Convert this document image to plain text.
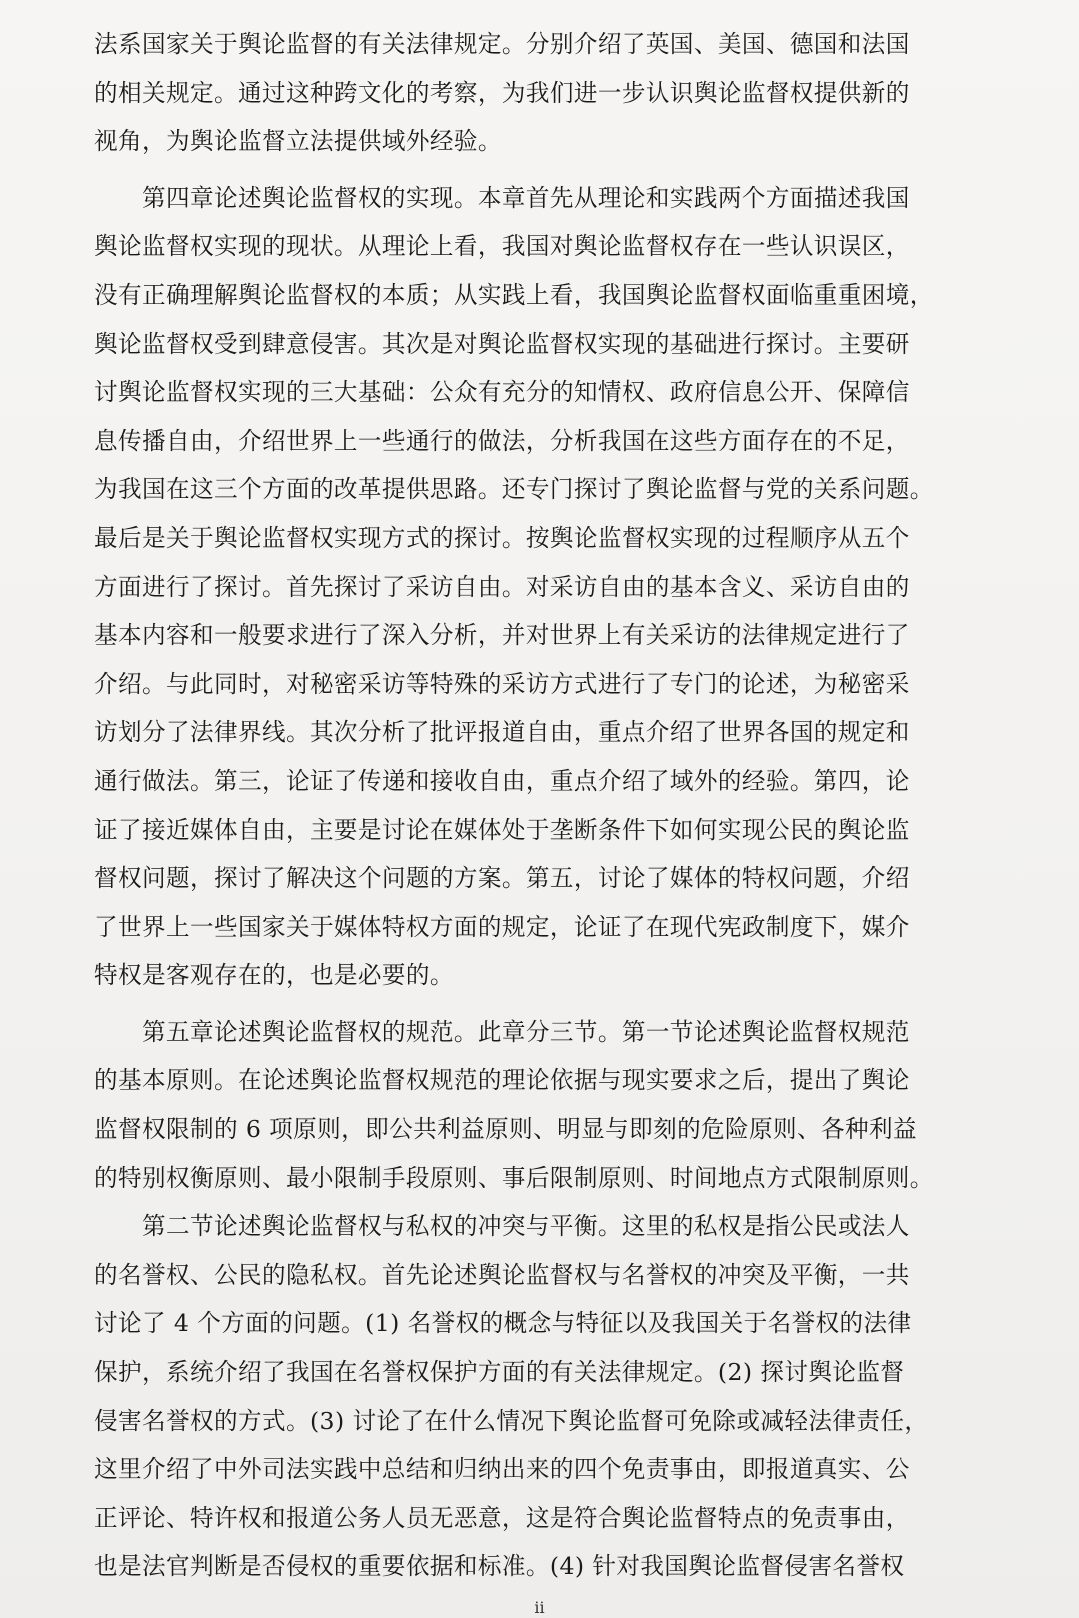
法系国家关于舆论监督的有关法律规定。分别介绍了英国、美国、德国和法国
的相关规定。通过这种跨文化的考察，为我们进一步认识舆论监督权提供新的
视角，为舆论监督立法提供域外经验。
第四章论述舆论监督权的实现。本章首先从理论和实践两个方面描述我国
舆论监督权实现的现状。从理论上看，我国对舆论监督权存在一些认识误区，
没有正确理解舆论监督权的本质；从实践上看，我国舆论监督权面临重重困境，
舆论监督权受到肆意侵害。其次是对舆论监督权实现的基础进行探讨。主要研
讨舆论监督权实现的三大基础：公众有充分的知情权、政府信息公开、保障信
息传播自由，介绍世界上一些通行的做法，分析我国在这些方面存在的不足，
为我国在这三个方面的改革提供思路。还专门探讨了舆论监督与党的关系问题。
最后是关于舆论监督权实现方式的探讨。按舆论监督权实现的过程顺序从五个
方面进行了探讨。首先探讨了采访自由。对采访自由的基本含义、采访自由的
基本内容和一般要求进行了深入分析，并对世界上有关采访的法律规定进行了
介绍。与此同时，对秘密采访等特殊的采访方式进行了专门的论述，为秘密采
访划分了法律界线。其次分析了批评报道自由，重点介绍了世界各国的规定和
通行做法。第三，论证了传递和接收自由，重点介绍了域外的经验。第四，论
证了接近媒体自由，主要是讨论在媒体处于垄断条件下如何实现公民的舆论监
督权问题，探讨了解决这个问题的方案。第五，讨论了媒体的特权问题，介绍
了世界上一些国家关于媒体特权方面的规定，论证了在现代宪政制度下，媒介
特权是客观存在的，也是必要的。
第五章论述舆论监督权的规范。此章分三节。第一节论述舆论监督权规范
的基本原则。在论述舆论监督权规范的理论依据与现实要求之后，提出了舆论
监督权限制的 6 项原则，即公共利益原则、明显与即刻的危险原则、各种利益
的特别权衡原则、最小限制手段原则、事后限制原则、时间地点方式限制原则。
第二节论述舆论监督权与私权的冲突与平衡。这里的私权是指公民或法人
的名誉权、公民的隐私权。首先论述舆论监督权与名誉权的冲突及平衡，一共
讨论了 4 个方面的问题。(1) 名誉权的概念与特征以及我国关于名誉权的法律
保护，系统介绍了我国在名誉权保护方面的有关法律规定。(2) 探讨舆论监督
侵害名誉权的方式。(3) 讨论了在什么情况下舆论监督可免除或减轻法律责任，
这里介绍了中外司法实践中总结和归纳出来的四个免责事由，即报道真实、公
正评论、特许权和报道公务人员无恶意，这是符合舆论监督特点的免责事由，
也是法官判断是否侵权的重要依据和标准。(4) 针对我国舆论监督侵害名誉权
ii
